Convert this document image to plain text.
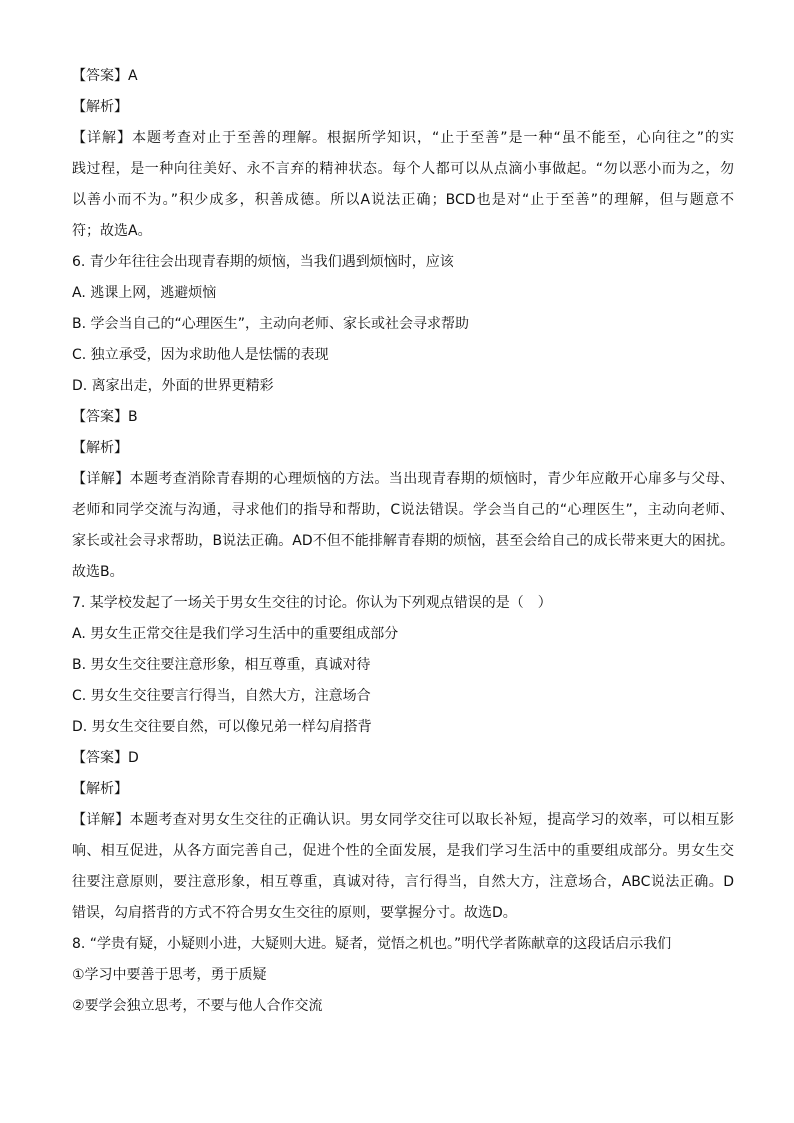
【答案】A
【解析】
【详解】本题考查对止于至善的理解。根据所学知识，“止于至善”是一种“虽不能至，心向往之”的实
践过程，是一种向往美好、永不言弃的精神状态。每个人都可以从点滴小事做起。“勿以恶小而为之，勿
以善小而不为。”积少成多，积善成德。所以A说法正确；BCD也是对“止于至善”的理解，但与题意不
符；故选A。
6. 青少年往往会出现青春期的烦恼，当我们遇到烦恼时，应该
A. 逃课上网，逃避烦恼
B. 学会当自己的“心理医生”，主动向老师、家长或社会寻求帮助
C. 独立承受，因为求助他人是怯懦的表现
D. 离家出走，外面的世界更精彩
【答案】B
【解析】
【详解】本题考查消除青春期的心理烦恼的方法。当出现青春期的烦恼时，青少年应敞开心扉多与父母、
老师和同学交流与沟通，寻求他们的指导和帮助，C说法错误。学会当自己的“心理医生”，主动向老师、
家长或社会寻求帮助，B说法正确。AD不但不能排解青春期的烦恼，甚至会给自己的成长带来更大的困扰。
故选B。
7. 某学校发起了一场关于男女生交往的讨论。你认为下列观点错误的是（　）
A. 男女生正常交往是我们学习生活中的重要组成部分
B. 男女生交往要注意形象，相互尊重，真诚对待
C. 男女生交往要言行得当，自然大方，注意场合
D. 男女生交往要自然，可以像兄弟一样勾肩搭背
【答案】D
【解析】
【详解】本题考查对男女生交往的正确认识。男女同学交往可以取长补短，提高学习的效率，可以相互影
响、相互促进，从各方面完善自己，促进个性的全面发展，是我们学习生活中的重要组成部分。男女生交
往要注意原则，要注意形象，相互尊重，真诚对待，言行得当，自然大方，注意场合，ABC说法正确。D
错误，勾肩搭背的方式不符合男女生交往的原则，要掌握分寸。故选D。
8. “学贵有疑，小疑则小进，大疑则大进。疑者，觉悟之机也。”明代学者陈献章的这段话启示我们
①学习中要善于思考，勇于质疑
②要学会独立思考，不要与他人合作交流
